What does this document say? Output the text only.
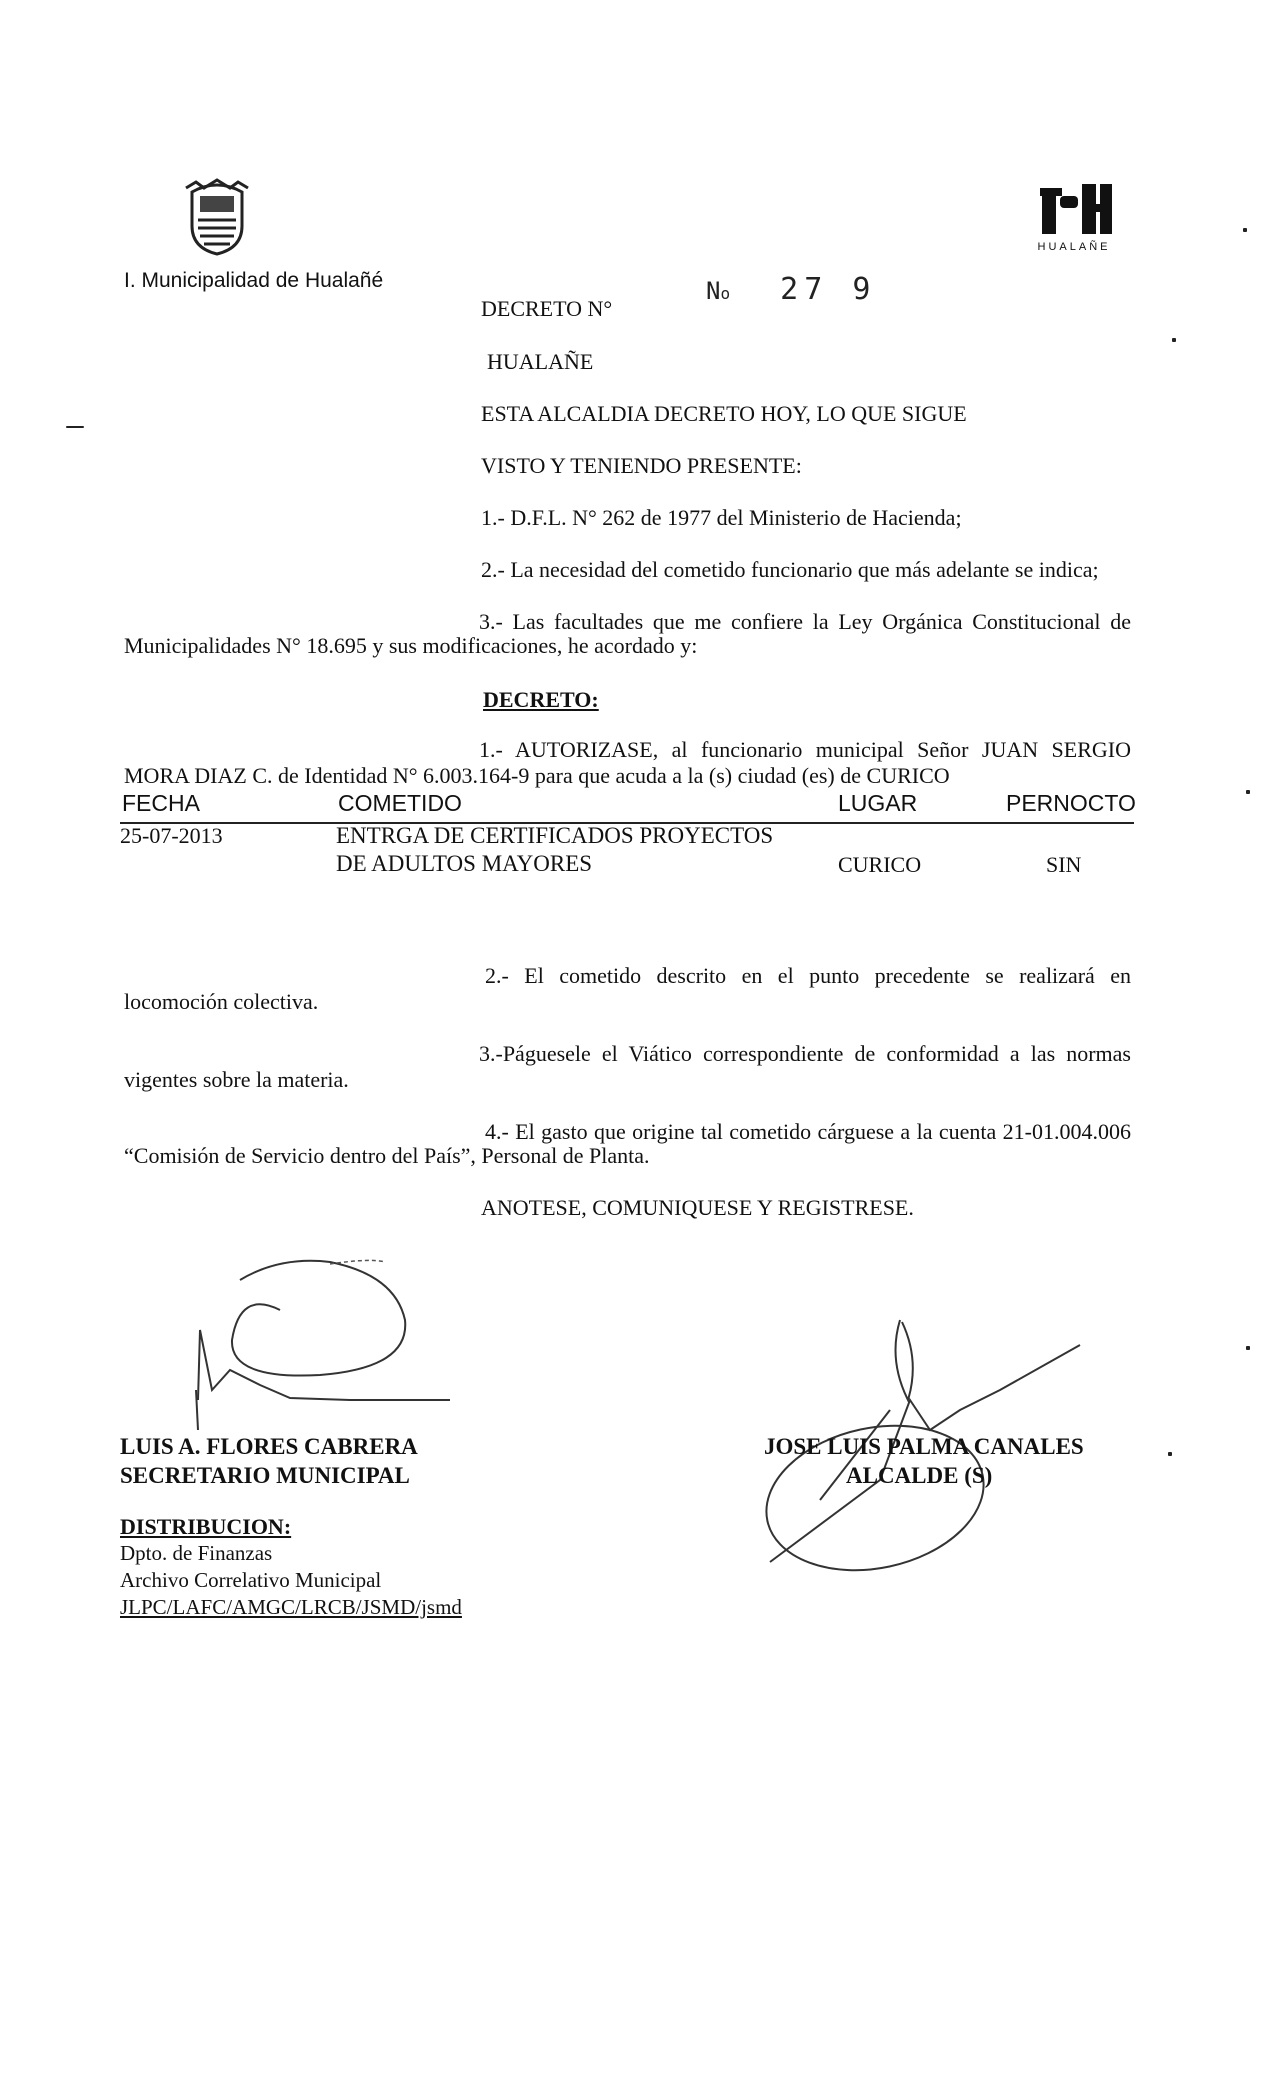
I. Municipalidad de Hualañé
HUALAÑE
DECRETO N°
No 27 9
HUALAÑE
ESTA ALCALDIA DECRETO HOY, LO QUE SIGUE
VISTO Y TENIENDO PRESENTE:
1.- D.F.L. N° 262 de 1977 del Ministerio de Hacienda;
2.- La necesidad del cometido funcionario que más adelante se indica;
3.- Las facultades que me confiere la Ley Orgánica Constitucional de
Municipalidades N° 18.695 y sus modificaciones, he acordado y:
DECRETO:
1.- AUTORIZASE, al funcionario municipal Señor JUAN SERGIO
MORA DIAZ C. de Identidad N° 6.003.164-9 para que acuda a la (s) ciudad (es) de CURICO
FECHA	COMETIDO	LUGAR	PERNOCTO
25-07-2013	ENTRGA DE CERTIFICADOS PROYECTOS
DE ADULTOS MAYORES	CURICO	SIN
2.- El cometido descrito en el punto precedente se realizará en
locomoción colectiva.
3.-Páguesele el Viático correspondiente de conformidad a las normas
vigentes sobre la materia.
4.- El gasto que origine tal cometido cárguese a la cuenta 21-01.004.006
“Comisión de Servicio dentro del País”, Personal de Planta.
ANOTESE, COMUNIQUESE Y REGISTRESE.
LUIS A. FLORES CABRERA
SECRETARIO MUNICIPAL
JOSE LUIS PALMA CANALES
ALCALDE (S)
DISTRIBUCION:
Dpto. de Finanzas
Archivo Correlativo Municipal
JLPC/LAFC/AMGC/LRCB/JSMD/jsmd
